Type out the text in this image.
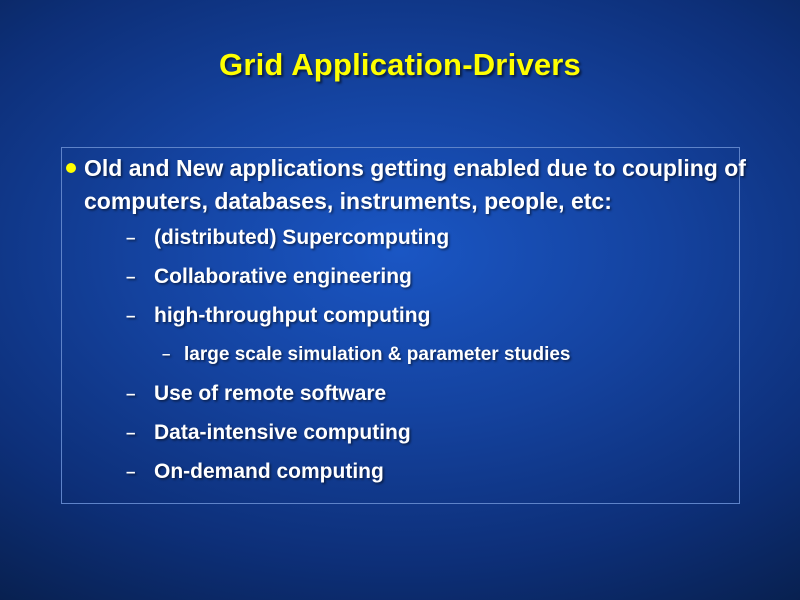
Grid Application-Drivers
Old and New applications getting enabled due to coupling of computers, databases, instruments, people, etc:
– (distributed) Supercomputing
– Collaborative engineering
– high-throughput computing
– large scale simulation & parameter studies
– Use of remote software
– Data-intensive computing
– On-demand computing
